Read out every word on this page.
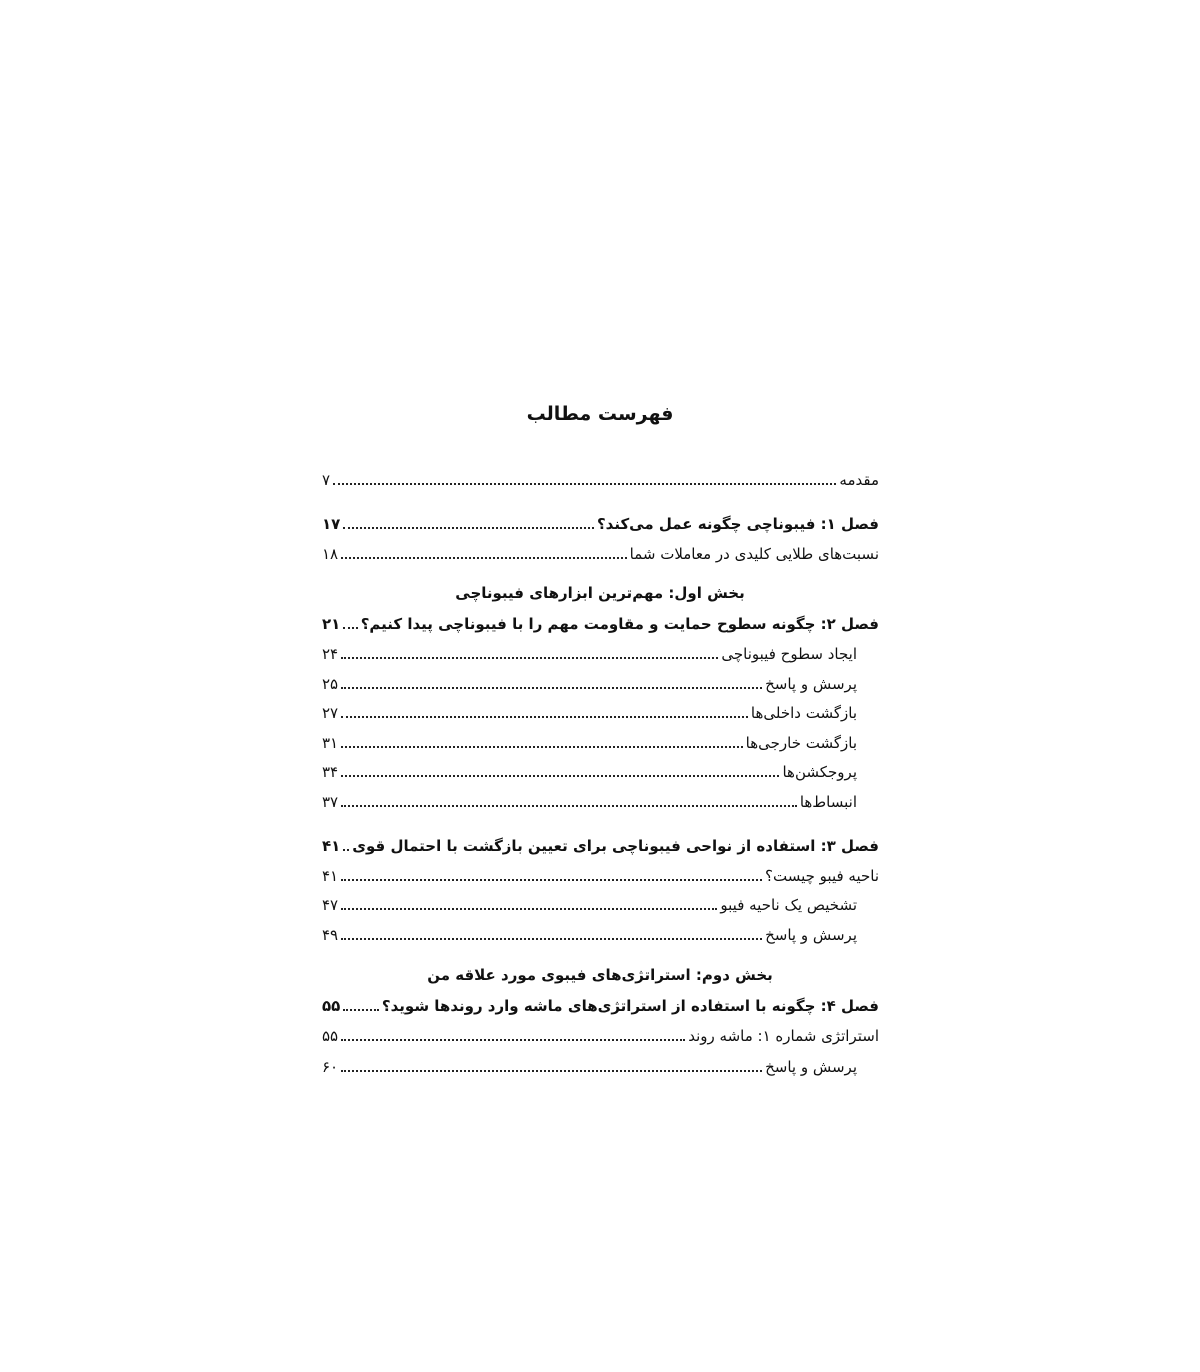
فهرست مطالب
مقدمه
۷
فصل ۱: فیبوناچی چگونه عمل می‌کند؟
۱۷
نسبت‌های طلایی کلیدی در معاملات شما
۱۸
بخش اول: مهم‌ترین ابزارهای فیبوناچی
فصل ۲: چگونه سطوح حمایت و مقاومت مهم را با فیبوناچی پیدا کنیم؟
۲۱
ایجاد سطوح فیبوناچی
۲۴
پرسش و پاسخ
۲۵
بازگشت داخلی‌ها
۲۷
بازگشت خارجی‌ها
۳۱
پروجکشن‌ها
۳۴
انبساط‌ها
۳۷
فصل ۳: استفاده از نواحی فیبوناچی برای تعیین بازگشت با احتمال قوی
۴۱
ناحیه فیبو چیست؟
۴۱
تشخیص یک ناحیه فیبو
۴۷
پرسش و پاسخ
۴۹
بخش دوم: استراتژی‌های فیبوی مورد علاقه من
فصل ۴: چگونه با استفاده از استراتژی‌های ماشه وارد روندها شوید؟
۵۵
استراتژی شماره ۱: ماشه روند
۵۵
پرسش و پاسخ
۶۰
